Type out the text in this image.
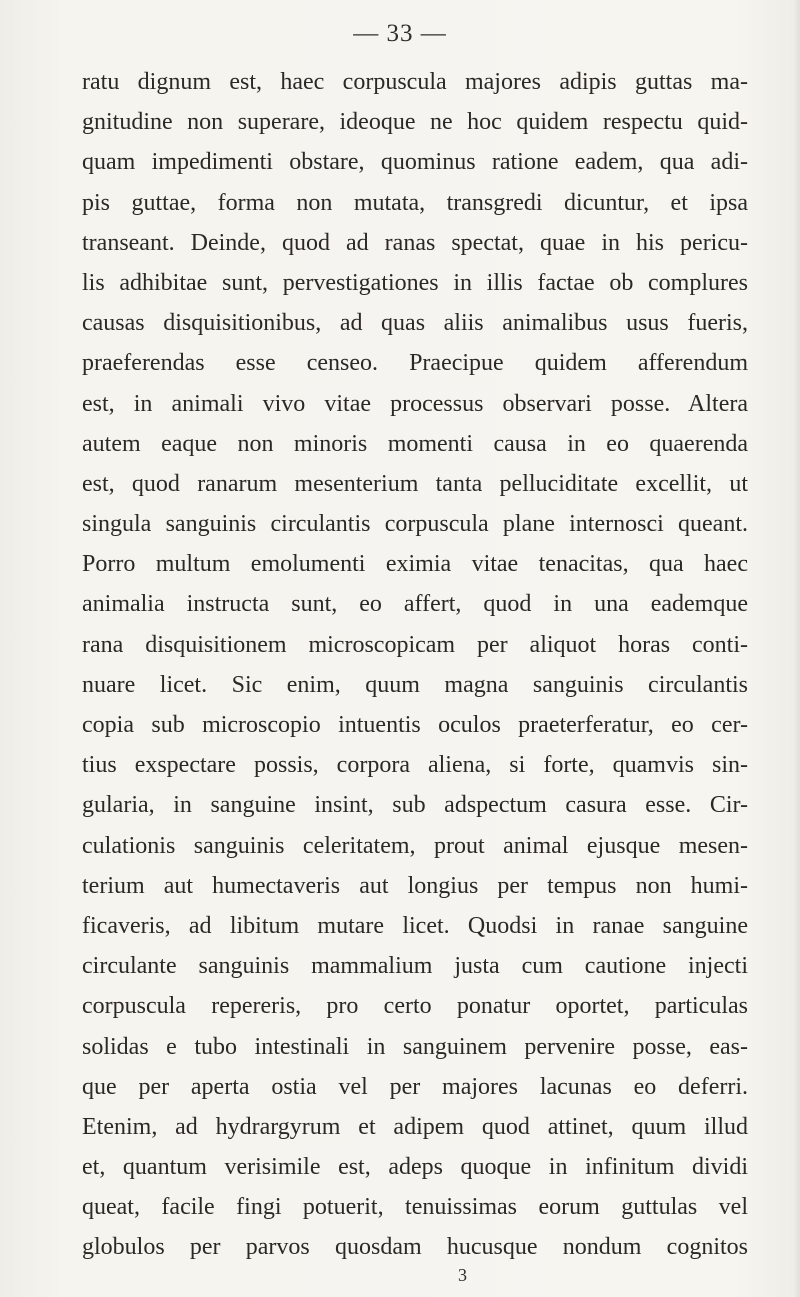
— 33 —
ratu dignum est, haec corpuscula majores adipis guttas ma-
gnitudine non superare, ideoque ne hoc quidem respectu quid-
quam impedimenti obstare, quominus ratione eadem, qua adi-
pis guttae, forma non mutata, transgredi dicuntur, et ipsa
transeant. Deinde, quod ad ranas spectat, quae in his pericu-
lis adhibitae sunt, pervestigationes in illis factae ob complures
causas disquisitionibus, ad quas aliis animalibus usus fueris,
praeferendas esse censeo. Praecipue quidem afferendum
est, in animali vivo vitae processus observari posse. Altera
autem eaque non minoris momenti causa in eo quaerenda
est, quod ranarum mesenterium tanta pelluciditate excellit, ut
singula sanguinis circulantis corpuscula plane internosci queant.
Porro multum emolumenti eximia vitae tenacitas, qua haec
animalia instructa sunt, eo affert, quod in una eademque
rana disquisitionem microscopicam per aliquot horas conti-
nuare licet. Sic enim, quum magna sanguinis circulantis
copia sub microscopio intuentis oculos praeterferatur, eo cer-
tius exspectare possis, corpora aliena, si forte, quamvis sin-
gularia, in sanguine insint, sub adspectum casura esse. Cir-
culationis sanguinis celeritatem, prout animal ejusque mesen-
terium aut humectaveris aut longius per tempus non humi-
ficaveris, ad libitum mutare licet. Quodsi in ranae sanguine
circulante sanguinis mammalium justa cum cautione injecti
corpuscula repereris, pro certo ponatur oportet, particulas
solidas e tubo intestinali in sanguinem pervenire posse, eas-
que per aperta ostia vel per majores lacunas eo deferri.
Etenim, ad hydrargyrum et adipem quod attinet, quum illud
et, quantum verisimile est, adeps quoque in infinitum dividi
queat, facile fingi potuerit, tenuissimas eorum guttulas vel
globulos per parvos quosdam hucusque nondum cognitos
3
